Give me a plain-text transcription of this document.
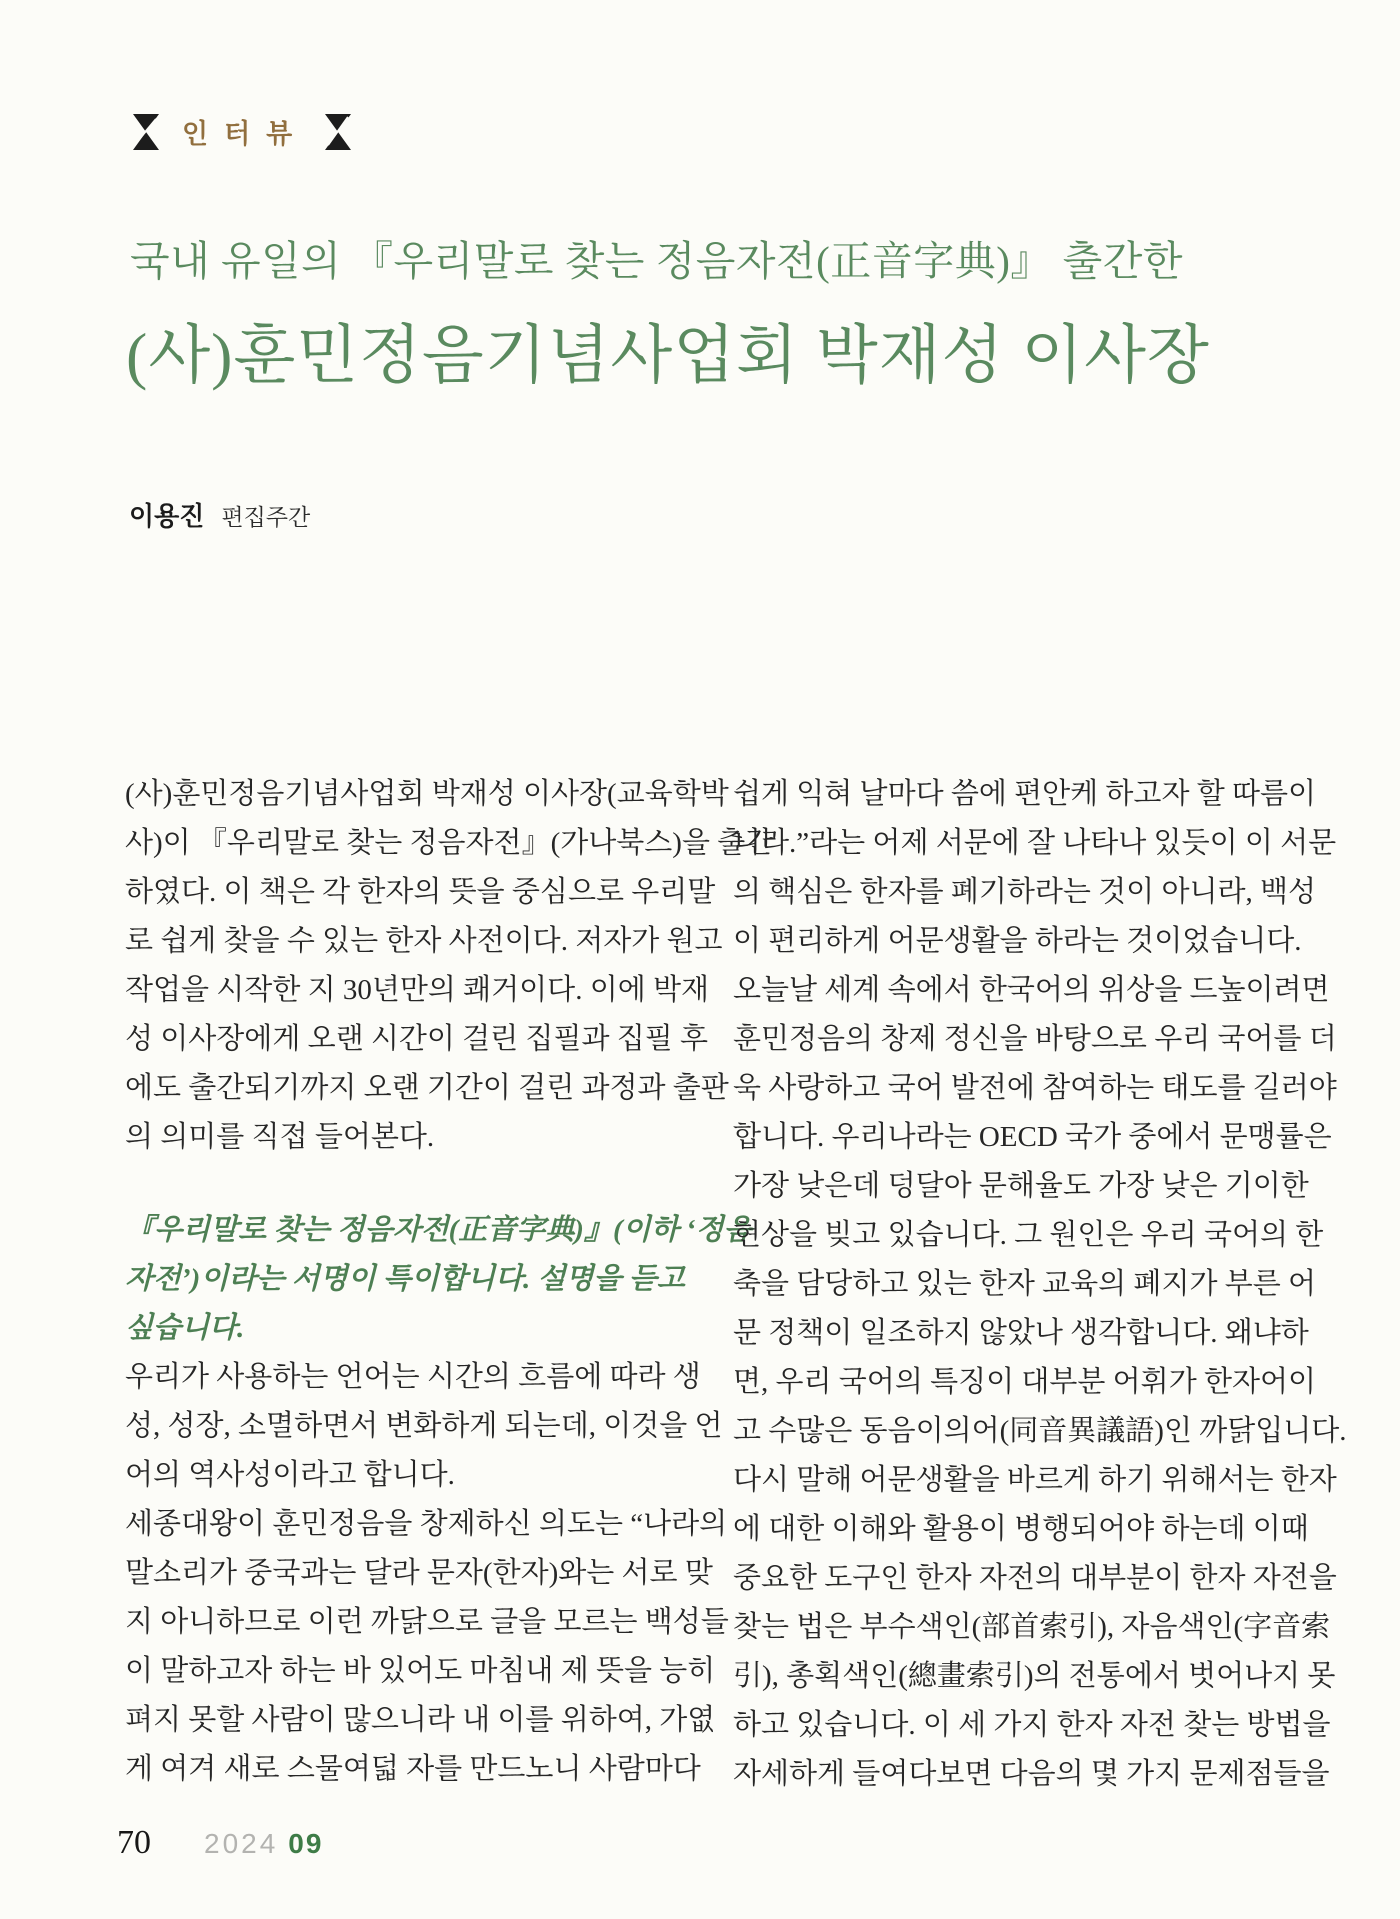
인터뷰
국내 유일의 『우리말로 찾는 정음자전(正音字典)』 출간한
(사)훈민정음기념사업회 박재성 이사장
이용진 편집주간
(사)훈민정음기념사업회 박재성 이사장(교육학박
사)이 『우리말로 찾는 정음자전』(가나북스)을 출간
하였다. 이 책은 각 한자의 뜻을 중심으로 우리말
로 쉽게 찾을 수 있는 한자 사전이다. 저자가 원고
작업을 시작한 지 30년만의 쾌거이다. 이에 박재
성 이사장에게 오랜 시간이 걸린 집필과 집필 후
에도 출간되기까지 오랜 기간이 걸린 과정과 출판
의 의미를 직접 들어본다.
『우리말로 찾는 정음자전(正音字典)』(이하 ‘정음
자전’)이라는 서명이 특이합니다. 설명을 듣고
싶습니다.
우리가 사용하는 언어는 시간의 흐름에 따라 생
성, 성장, 소멸하면서 변화하게 되는데, 이것을 언
어의 역사성이라고 합니다.
세종대왕이 훈민정음을 창제하신 의도는 “나라의
말소리가 중국과는 달라 문자(한자)와는 서로 맞
지 아니하므로 이런 까닭으로 글을 모르는 백성들
이 말하고자 하는 바 있어도 마침내 제 뜻을 능히
펴지 못할 사람이 많으니라 내 이를 위하여, 가엾
게 여겨 새로 스물여덟 자를 만드노니 사람마다
쉽게 익혀 날마다 씀에 편안케 하고자 할 따름이
니라.”라는 어제 서문에 잘 나타나 있듯이 이 서문
의 핵심은 한자를 폐기하라는 것이 아니라, 백성
이 편리하게 어문생활을 하라는 것이었습니다.
오늘날 세계 속에서 한국어의 위상을 드높이려면
훈민정음의 창제 정신을 바탕으로 우리 국어를 더
욱 사랑하고 국어 발전에 참여하는 태도를 길러야
합니다. 우리나라는 OECD 국가 중에서 문맹률은
가장 낮은데 덩달아 문해율도 가장 낮은 기이한
현상을 빚고 있습니다. 그 원인은 우리 국어의 한
축을 담당하고 있는 한자 교육의 폐지가 부른 어
문 정책이 일조하지 않았나 생각합니다. 왜냐하
면, 우리 국어의 특징이 대부분 어휘가 한자어이
고 수많은 동음이의어(同音異議語)인 까닭입니다.
다시 말해 어문생활을 바르게 하기 위해서는 한자
에 대한 이해와 활용이 병행되어야 하는데 이때
중요한 도구인 한자 자전의 대부분이 한자 자전을
찾는 법은 부수색인(部首索引), 자음색인(字音索
引), 총획색인(總畫索引)의 전통에서 벗어나지 못
하고 있습니다. 이 세 가지 한자 자전 찾는 방법을
자세하게 들여다보면 다음의 몇 가지 문제점들을
70 2024 09
